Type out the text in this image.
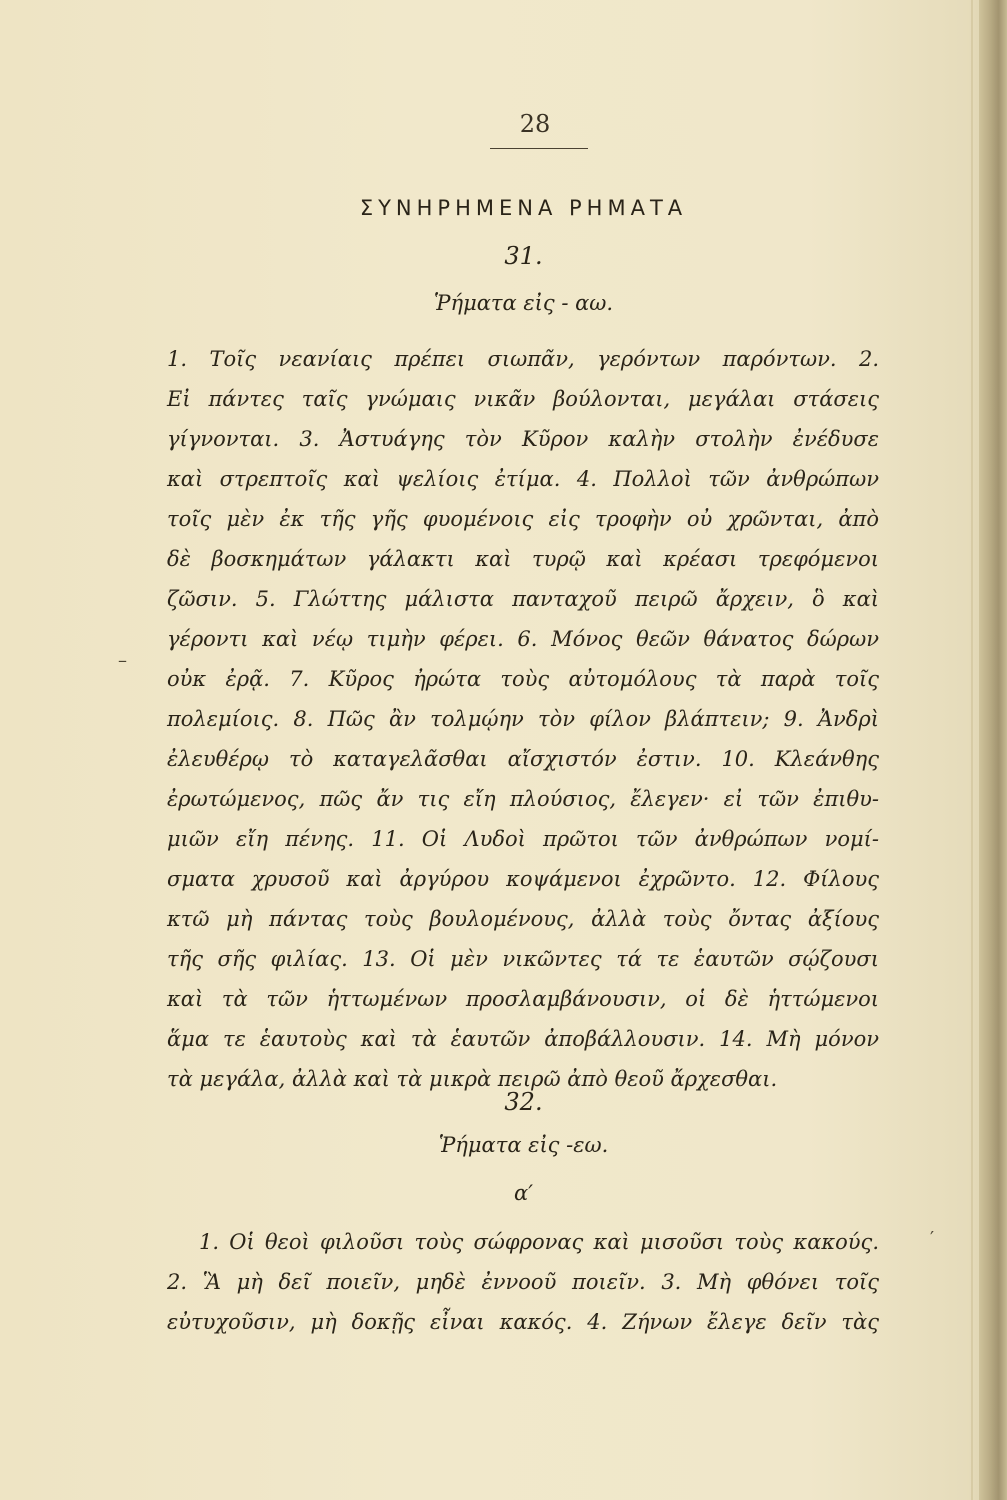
28
ΣΥΝΗΡΗΜΕΝΑ ΡΗΜΑΤΑ
31.
Ῥήματα εἰς - αω.
1. Τοῖς νεανίαις πρέπει σιωπᾶν, γερόντων παρόντων. 2.
Εἰ πάντες ταῖς γνώμαις νικᾶν βούλονται, μεγάλαι στάσεις
γίγνονται. 3. Ἀστυάγης τὸν Κῦρον καλὴν στολὴν ἐνέδυσε
καὶ στρεπτοῖς καὶ ψελίοις ἐτίμα. 4. Πολλοὶ τῶν ἀνθρώπων
τοῖς μὲν ἐκ τῆς γῆς φυομένοις εἰς τροφὴν οὐ χρῶνται, ἀπὸ
δὲ βοσκημάτων γάλακτι καὶ τυρῷ καὶ κρέασι τρεφόμενοι
ζῶσιν. 5. Γλώττης μάλιστα πανταχοῦ πειρῶ ἄρχειν, ὃ καὶ
γέροντι καὶ νέῳ τιμὴν φέρει. 6. Μόνος θεῶν θάνατος δώρων
οὐκ ἐρᾷ. 7. Κῦρος ἠρώτα τοὺς αὐτομόλους τὰ παρὰ τοῖς
πολεμίοις. 8. Πῶς ἂν τολμῴην τὸν φίλον βλάπτειν; 9. Ἀνδρὶ
ἐλευθέρῳ τὸ καταγελᾶσθαι αἴσχιστόν ἐστιν. 10. Κλεάνθης
ἐρωτώμενος, πῶς ἄν τις εἴη πλούσιος, ἔλεγεν· εἰ τῶν ἐπιθυ-
μιῶν εἴη πένης. 11. Οἱ Λυδοὶ πρῶτοι τῶν ἀνθρώπων νομί-
σματα χρυσοῦ καὶ ἀργύρου κοψάμενοι ἐχρῶντο. 12. Φίλους
κτῶ μὴ πάντας τοὺς βουλομένους, ἀλλὰ τοὺς ὄντας ἀξίους
τῆς σῆς φιλίας. 13. Οἱ μὲν νικῶντες τά τε ἑαυτῶν σῴζουσι
καὶ τὰ τῶν ἡττωμένων προσλαμβάνουσιν, οἱ δὲ ἡττώμενοι
ἅμα τε ἑαυτοὺς καὶ τὰ ἑαυτῶν ἀποβάλλουσιν. 14. Μὴ μόνον
τὰ μεγάλα, ἀλλὰ καὶ τὰ μικρὰ πειρῶ ἀπὸ θεοῦ ἄρχεσθαι.
32.
Ῥήματα εἰς -εω.
α′
1. Οἱ θεοὶ φιλοῦσι τοὺς σώφρονας καὶ μισοῦσι τοὺς κακούς.
2. Ἃ μὴ δεῖ ποιεῖν, μηδὲ ἐννοοῦ ποιεῖν. 3. Μὴ φθόνει τοῖς
εὐτυχοῦσιν, μὴ δοκῇς εἶναι κακός. 4. Ζήνων ἔλεγε δεῖν τὰς
–
′
